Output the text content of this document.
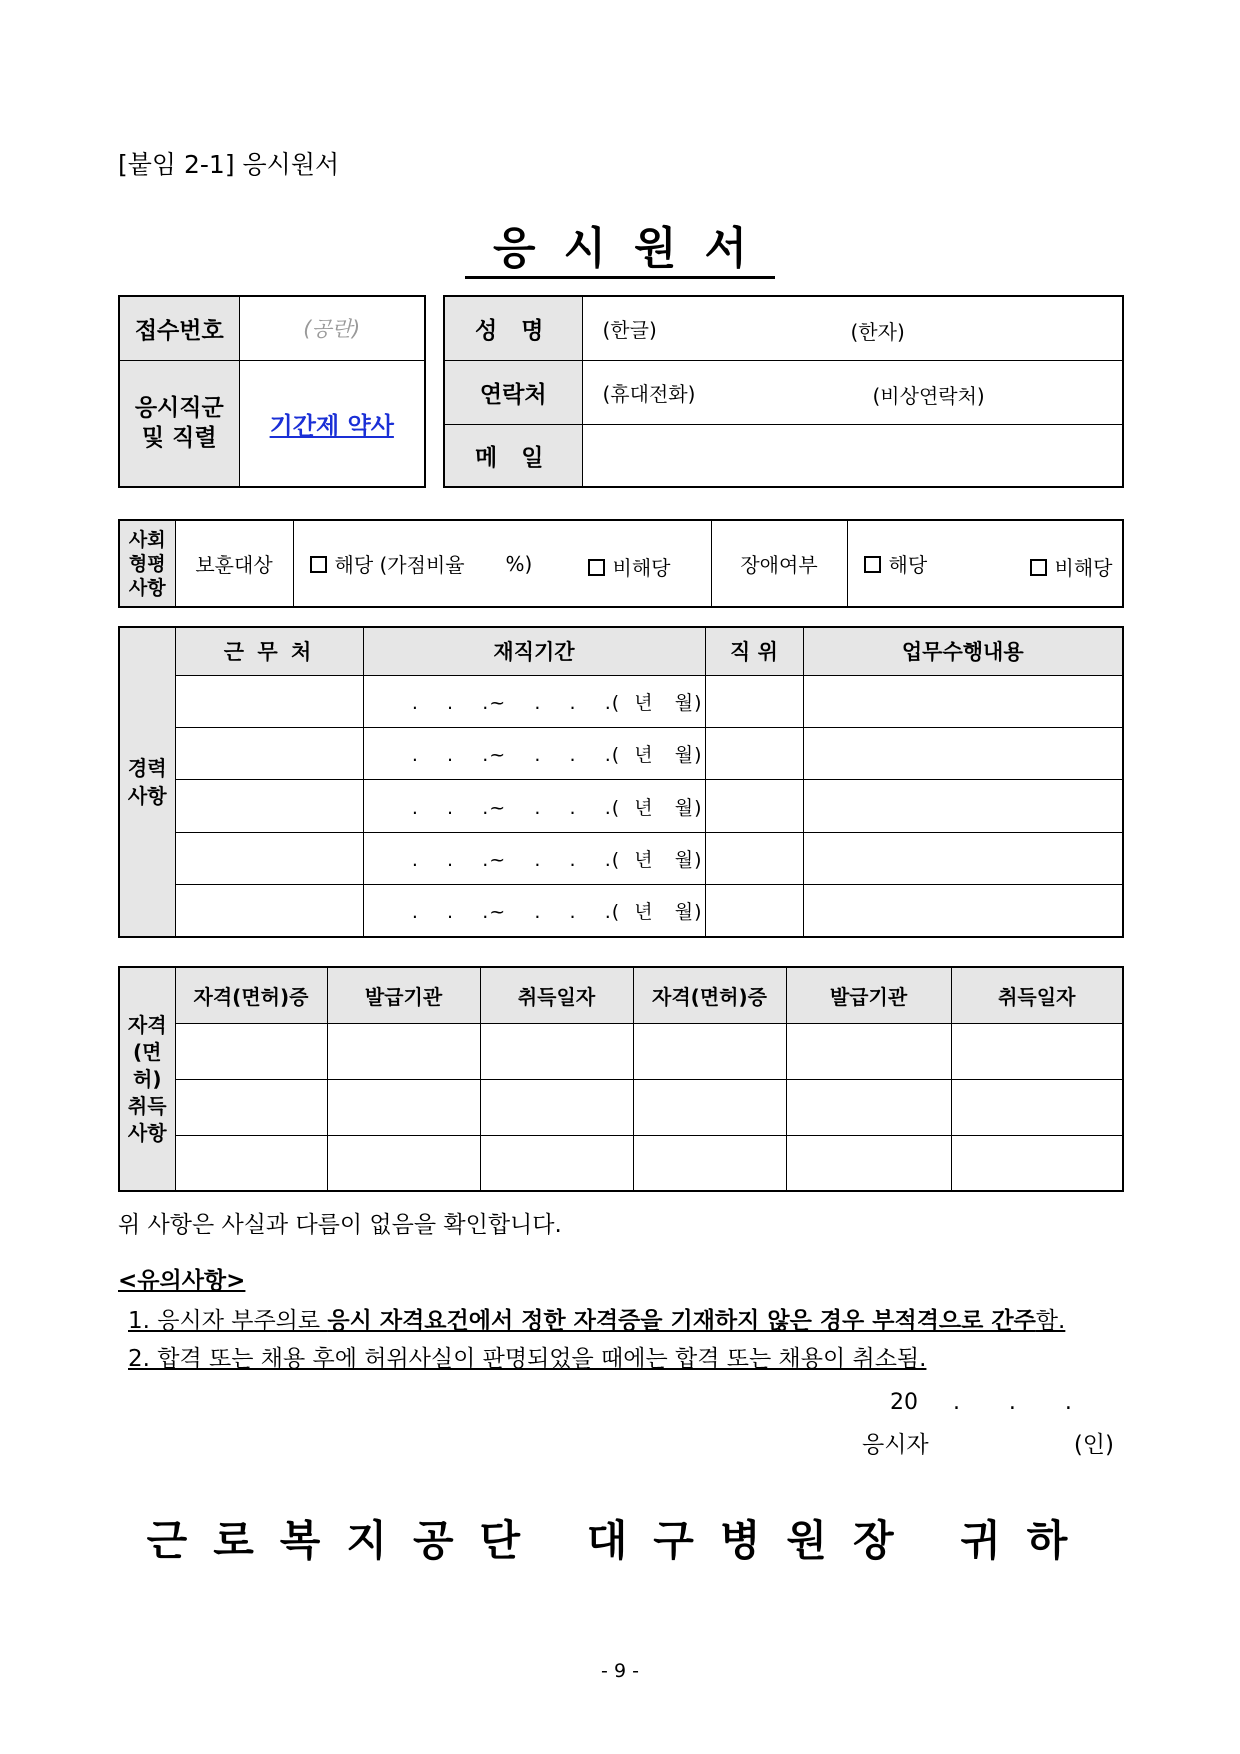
[붙임 2-1] 응시원서
응시원서
접수번호	(공란)

응시직군
및 직렬	기간제 약사
성 명	(한글) (한자)

연락처	(휴대전화) (비상연락처)

메 일	
사회
형평
사항
	보훈대상	해당 (가점비율 %)	비해당	장애여부	해당	비해당
경력
사항	근 무 처	재직기간	직 위	업무수행내용
		.    .    .~    .    .    .(  년   월)		
		.    .    .~    .    .    .(  년   월)		
		.    .    .~    .    .    .(  년   월)		
		.    .    .~    .    .    .(  년   월)		
		.    .    .~    .    .    .(  년   월)		
자격
(면허)
취득
사항	자격(면허)증	발급기관	취득일자	자격(면허)증	발급기관	취득일자

위 사항은 사실과 다름이 없음을 확인합니다.
<유의사항>
1. 응시자 부주의로 응시 자격요건에서 정한 자격증을 기재하지 않은 경우 부적격으로 간주함.
2. 합격 또는 채용 후에 허위사실이 판명되었을 때에는 합격 또는 채용이 취소됨.
20     .       .       .
응시자	(인)
근로복지공단 대구병원장 귀하
- 9 -
